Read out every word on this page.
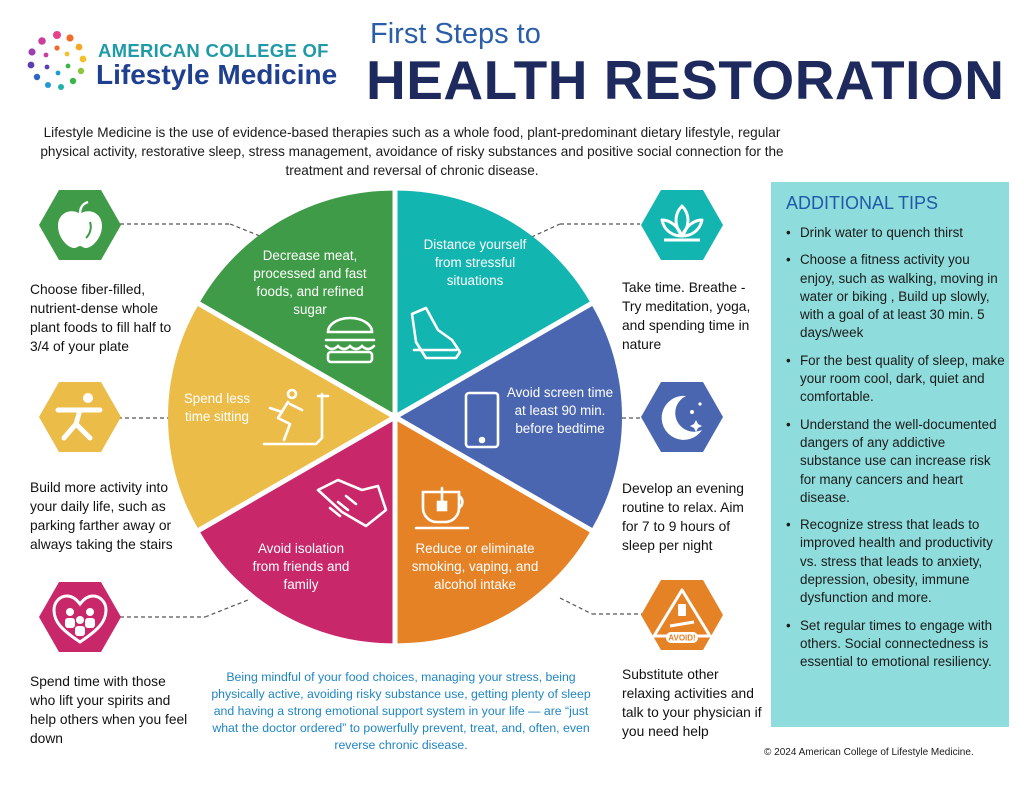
AMERICAN COLLEGE OF
Lifestyle Medicine
First Steps to
HEALTH RESTORATION
Lifestyle Medicine is the use of evidence-based therapies such as a whole food, plant-predominant dietary lifestyle, regular physical activity, restorative sleep, stress management, avoidance of risky substances and positive social connection for the treatment and reversal of chronic disease.
Distance yourself from stressful situations
Avoid screen time at least 90 min. before bedtime
Reduce or eliminate smoking, vaping, and alcohol intake
Avoid isolation from friends and family
Spend less time sitting
Decrease meat, processed and fast foods, and refined sugar
AVOID!
Choose fiber-filled, nutrient-dense whole plant foods to fill half to 3/4 of your plate
Build more activity into your daily life, such as parking farther away or always taking the stairs
Spend time with those who lift your spirits and help others when you feel down
Take time. Breathe - Try meditation, yoga, and spending time in nature
Develop an evening routine to relax. Aim for 7 to 9 hours of sleep per night
Substitute other relaxing activities and talk to your physician if you need help
ADDITIONAL TIPS
• Drink water to quench thirst
• Choose a fitness activity you enjoy, such as walking, moving in water or biking , Build up slowly, with a goal of at least 30 min. 5 days/week
• For the best quality of sleep, make your room cool, dark, quiet and comfortable.
• Understand the well-documented dangers of any addictive substance use can increase risk for many cancers and heart disease.
• Recognize stress that leads to improved health and productivity vs. stress that leads to anxiety, depression, obesity, immune dysfunction and more.
• Set regular times to engage with others. Social connectedness is essential to emotional resiliency.
Being mindful of your food choices, managing your stress, being physically active, avoiding risky substance use, getting plenty of sleep and having a strong emotional support system in your life — are “just what the doctor ordered” to powerfully prevent, treat, and, often, even reverse chronic disease.
© 2024 American College of Lifestyle Medicine.
